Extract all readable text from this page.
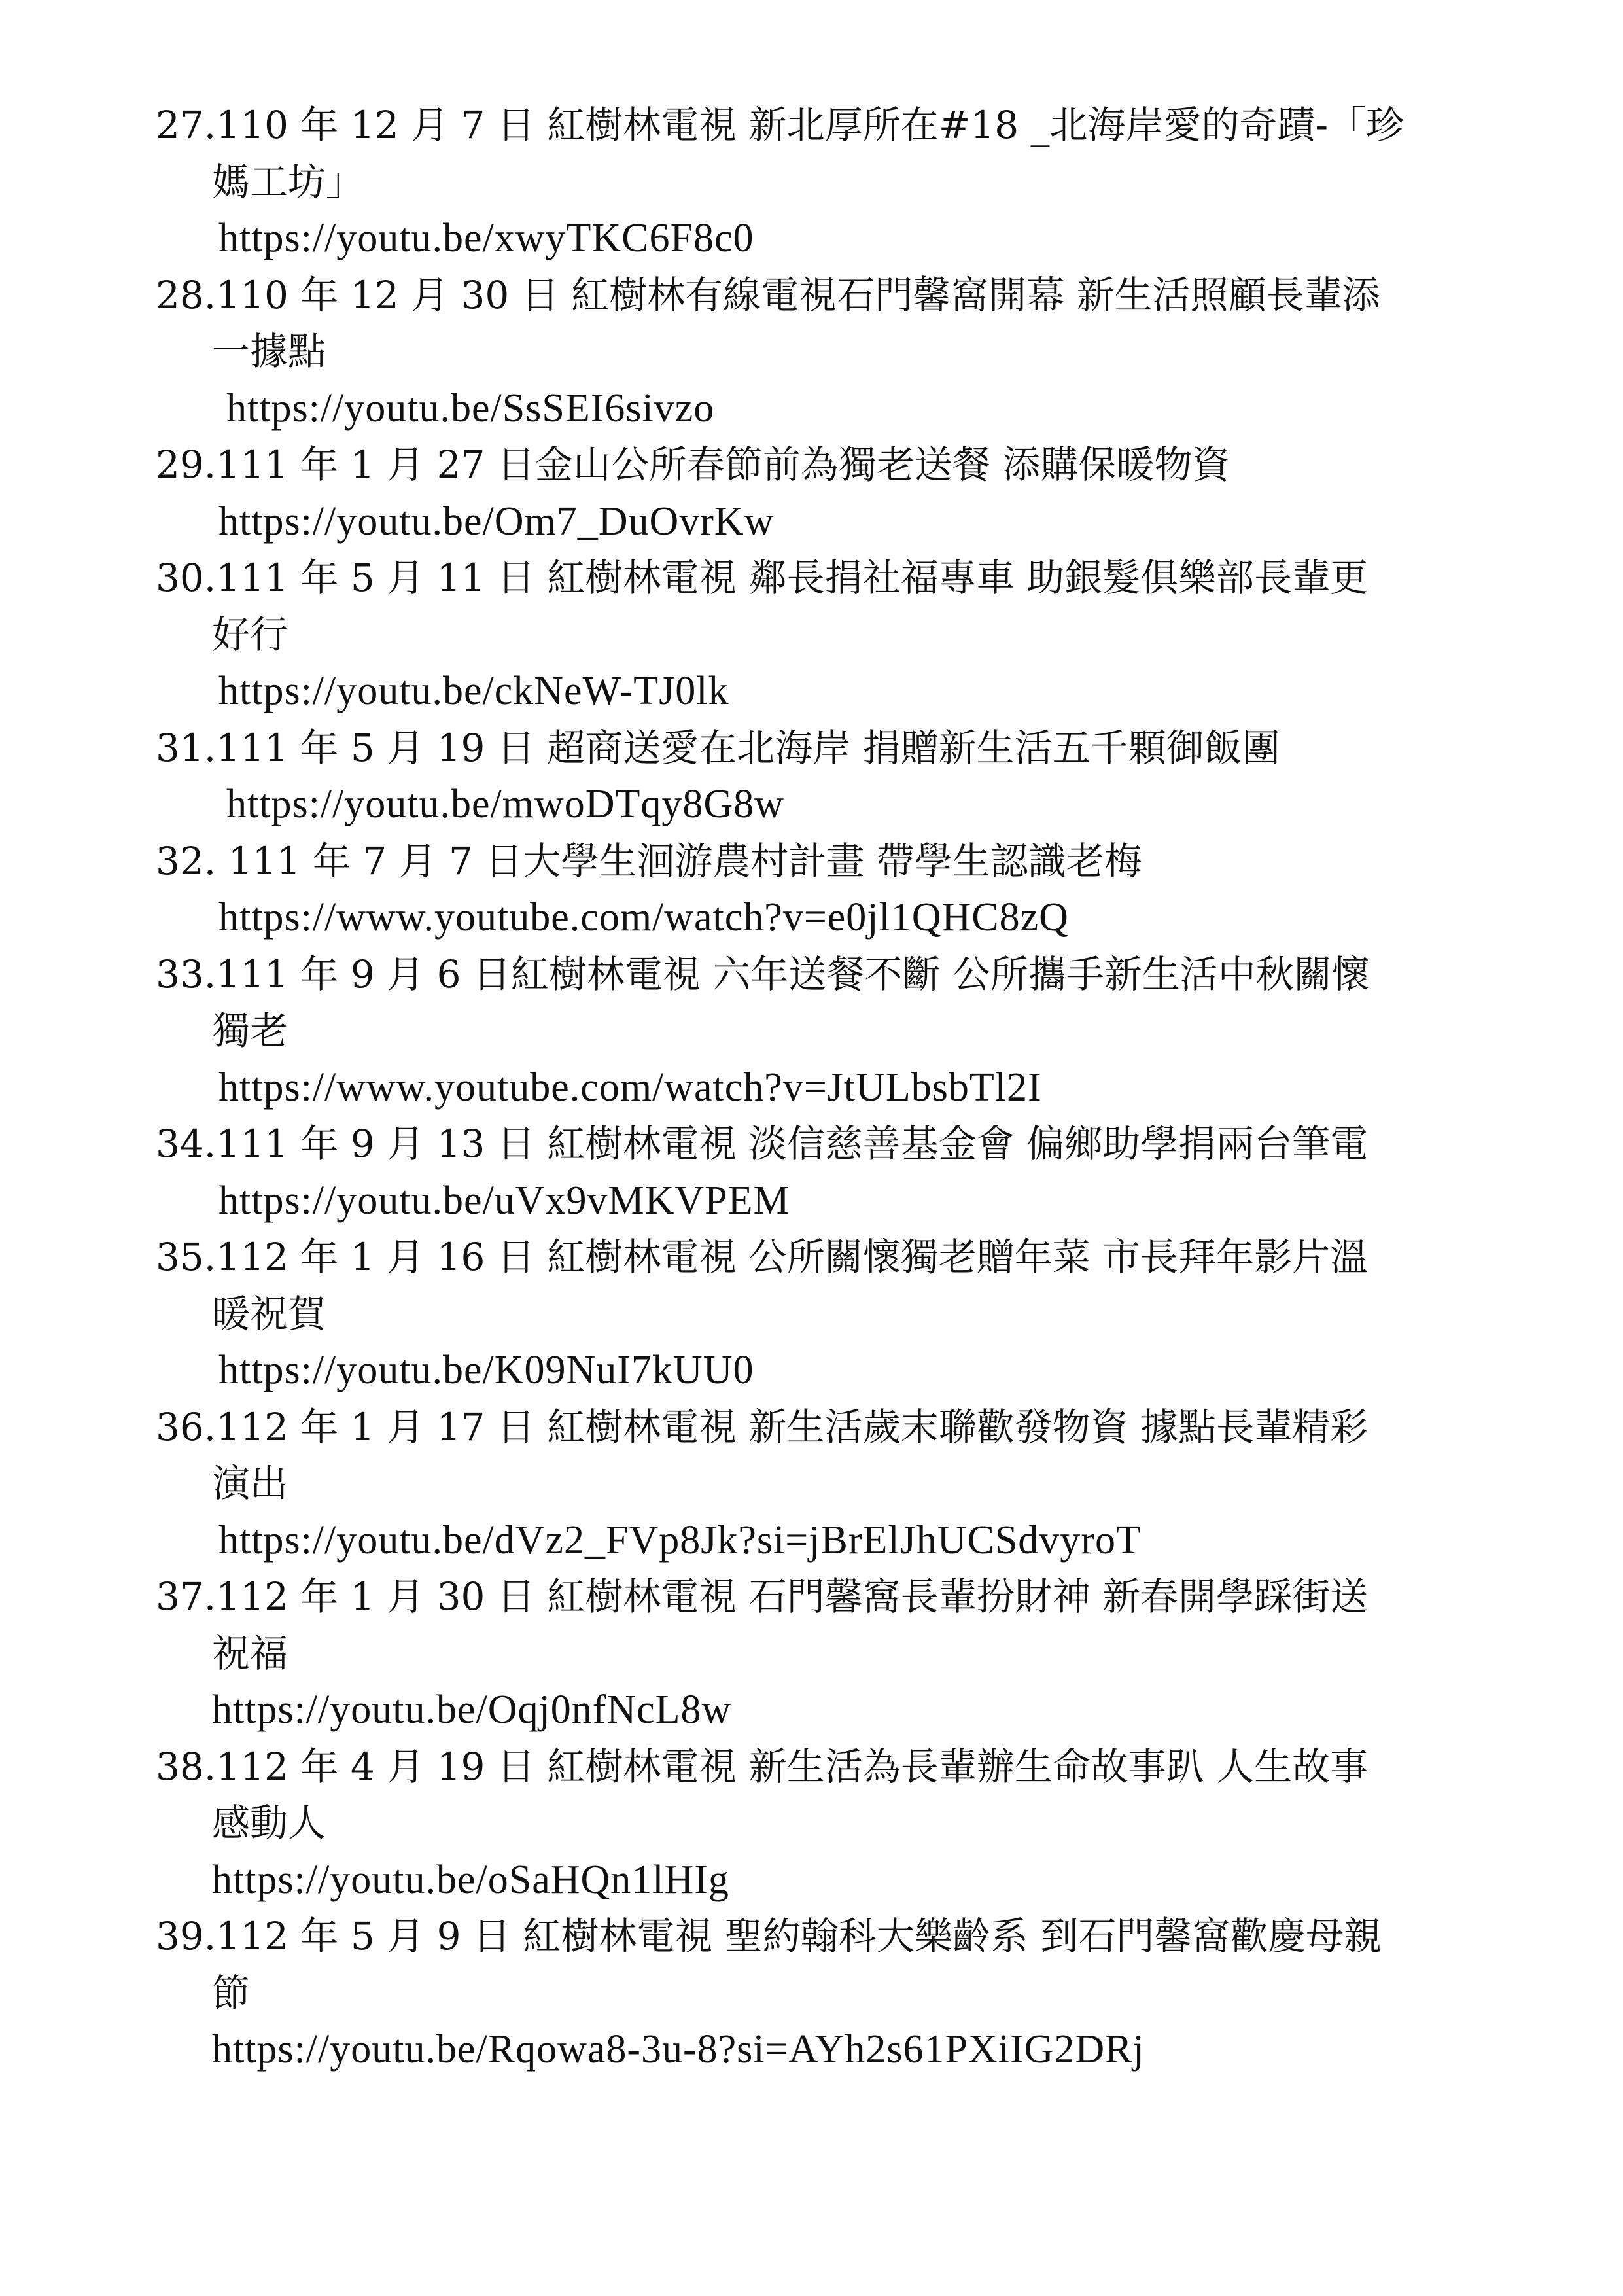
27.110 年 12 月 7 日 紅樹林電視 新北厚所在#18 _北海岸愛的奇蹟-「珍
媽工坊」
https://youtu.be/xwyTKC6F8c0
28.110 年 12 月 30 日 紅樹林有線電視石門馨窩開幕 新生活照顧長輩添
一據點
https://youtu.be/SsSEI6sivzo
29.111 年 1 月 27 日金山公所春節前為獨老送餐 添購保暖物資
https://youtu.be/Om7_DuOvrKw
30.111 年 5 月 11 日 紅樹林電視 鄰長捐社福專車 助銀髮俱樂部長輩更
好行
https://youtu.be/ckNeW-TJ0lk
31.111 年 5 月 19 日 超商送愛在北海岸 捐贈新生活五千顆御飯團
https://youtu.be/mwoDTqy8G8w
32. 111 年 7 月 7 日大學生洄游農村計畫 帶學生認識老梅
https://www.youtube.com/watch?v=e0jl1QHC8zQ
33.111 年 9 月 6 日紅樹林電視 六年送餐不斷 公所攜手新生活中秋關懷
獨老
https://www.youtube.com/watch?v=JtULbsbTl2I
34.111 年 9 月 13 日 紅樹林電視 淡信慈善基金會 偏鄉助學捐兩台筆電
https://youtu.be/uVx9vMKVPEM
35.112 年 1 月 16 日 紅樹林電視 公所關懷獨老贈年菜 市長拜年影片溫
暖祝賀
https://youtu.be/K09NuI7kUU0
36.112 年 1 月 17 日 紅樹林電視 新生活歲末聯歡發物資 據點長輩精彩
演出
https://youtu.be/dVz2_FVp8Jk?si=jBrElJhUCSdvyroT
37.112 年 1 月 30 日 紅樹林電視 石門馨窩長輩扮財神 新春開學踩街送
祝福
https://youtu.be/Oqj0nfNcL8w
38.112 年 4 月 19 日 紅樹林電視 新生活為長輩辦生命故事趴 人生故事
感動人
https://youtu.be/oSaHQn1lHIg
39.112 年 5 月 9 日 紅樹林電視 聖約翰科大樂齡系 到石門馨窩歡慶母親
節
https://youtu.be/Rqowa8-3u-8?si=AYh2s61PXiIG2DRj
